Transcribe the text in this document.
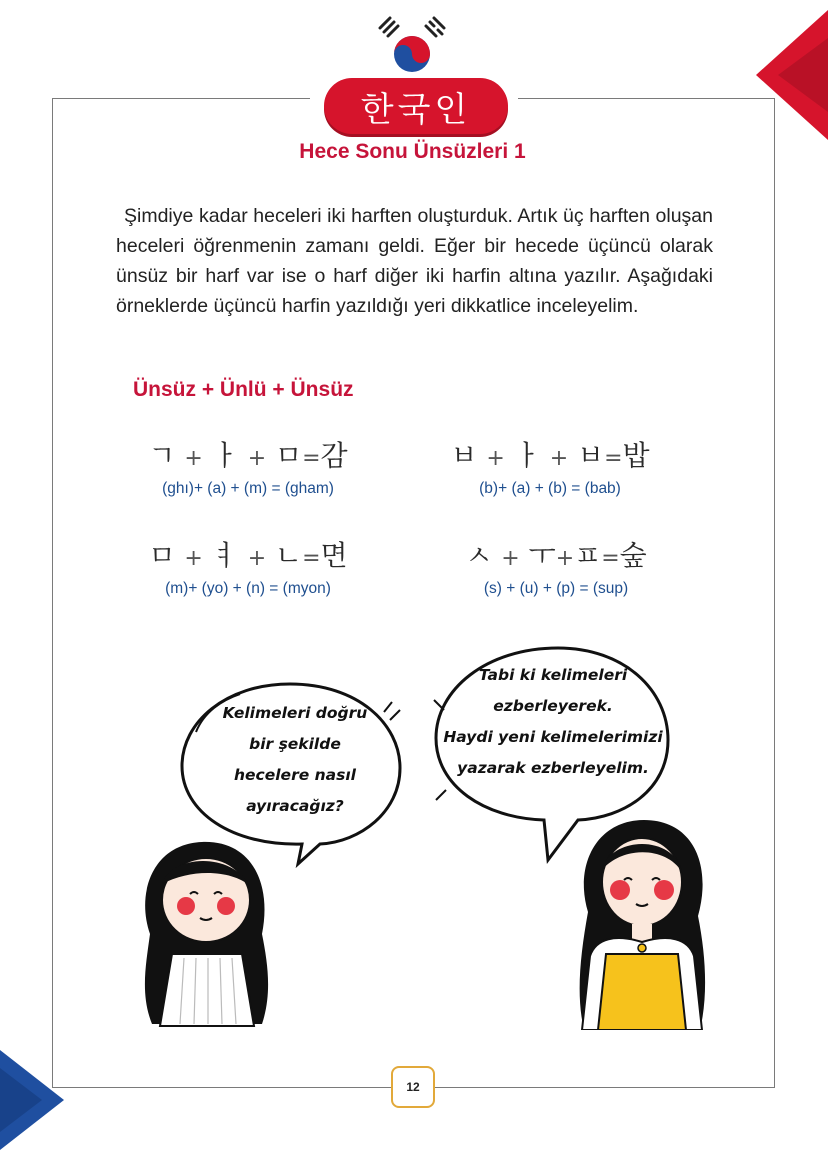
한국인
Hece Sonu Ünsüzleri 1

Şimdiye kadar heceleri iki harften oluşturduk. Artık üç harften oluşan heceleri öğrenmenin zamanı geldi. Eğer bir hecede üçüncü olarak ünsüz bir harf var ise o harf diğer iki harfin altına yazılır. Aşağıdaki örneklerde üçüncü harfin yazıldığı yeri dikkatlice inceleyelim.

Ünsüz + Ünlü + Ünsüz
ㄱ + ㅏ + ㅁ=감
(ghı)+ (a) + (m) = (gham)
ㅂ + ㅏ + ㅂ=밥
(b)+ (a) + (b) = (bab)
ㅁ + ㅕ + ㄴ=면
(m)+ (yo) + (n) = (myon)
ㅅ + ㅜ+ㅍ=숲
(s) + (u) + (p) = (sup)
Kelimeleri doğru
bir şekilde
hecelere nasıl
ayıracağız?
Tabi ki kelimeleri
ezberleyerek.
Haydi yeni kelimelerimizi
yazarak ezberleyelim.
12
